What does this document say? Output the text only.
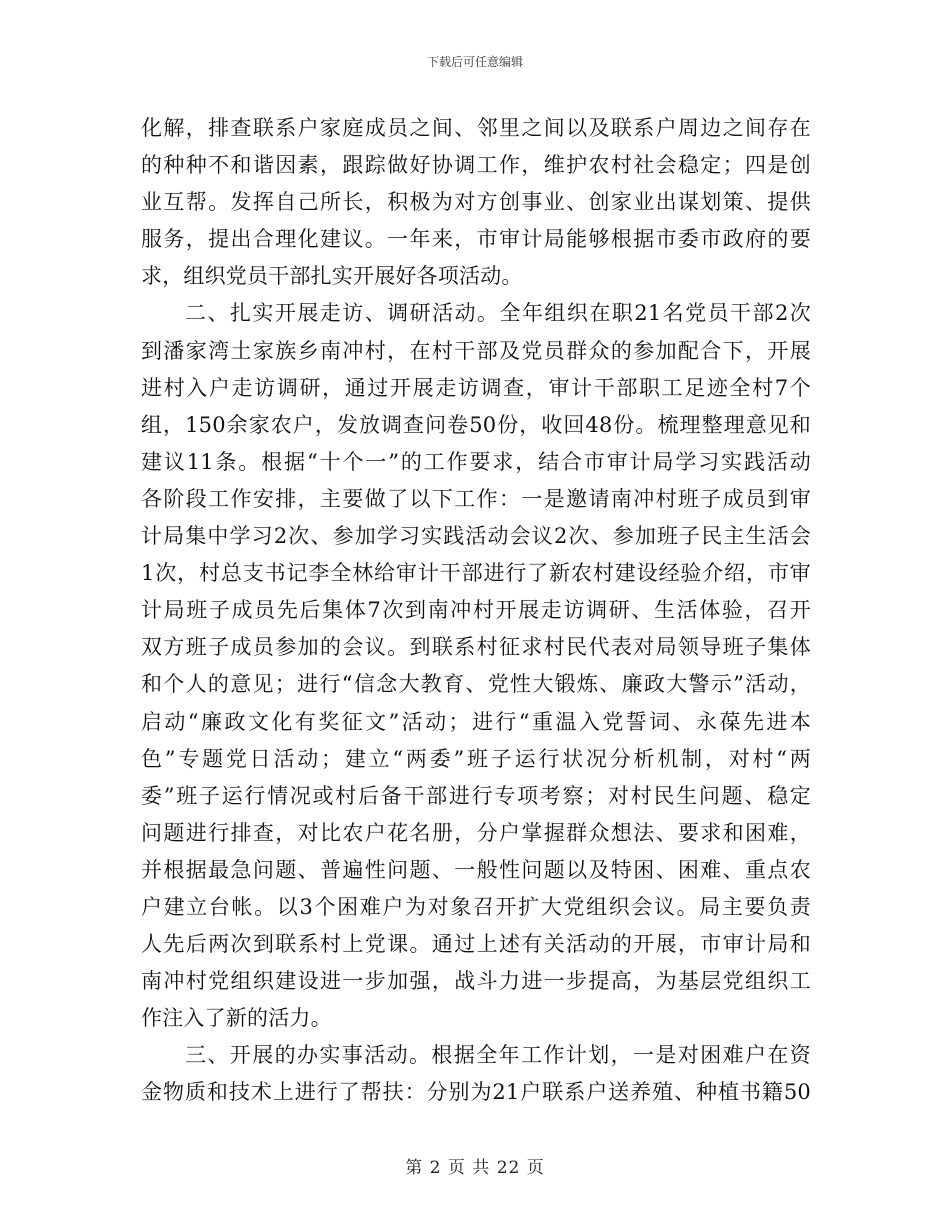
下载后可任意编辑
化解，排查联系户家庭成员之间、邻里之间以及联系户周边之间存在
的种种不和谐因素，跟踪做好协调工作，维护农村社会稳定；四是创
业互帮。发挥自己所长，积极为对方创事业、创家业出谋划策、提供
服务，提出合理化建议。一年来，市审计局能够根据市委市政府的要
求，组织党员干部扎实开展好各项活动。
二、扎实开展走访、调研活动。全年组织在职21名党员干部2次
到潘家湾土家族乡南冲村，在村干部及党员群众的参加配合下，开展
进村入户走访调研，通过开展走访调查，审计干部职工足迹全村7个
组，150余家农户，发放调查问卷50份，收回48份。梳理整理意见和
建议11条。根据“十个一”的工作要求，结合市审计局学习实践活动
各阶段工作安排，主要做了以下工作：一是邀请南冲村班子成员到审
计局集中学习2次、参加学习实践活动会议2次、参加班子民主生活会
1次，村总支书记李全林给审计干部进行了新农村建设经验介绍，市审
计局班子成员先后集体7次到南冲村开展走访调研、生活体验，召开
双方班子成员参加的会议。到联系村征求村民代表对局领导班子集体
和个人的意见；进行“信念大教育、党性大锻炼、廉政大警示”活动，
启动“廉政文化有奖征文”活动；进行“重温入党誓词、永葆先进本
色”专题党日活动；建立“两委”班子运行状况分析机制，对村“两
委”班子运行情况或村后备干部进行专项考察；对村民生问题、稳定
问题进行排查，对比农户花名册，分户掌握群众想法、要求和困难，
并根据最急问题、普遍性问题、一般性问题以及特困、困难、重点农
户建立台帐。以3个困难户为对象召开扩大党组织会议。局主要负责
人先后两次到联系村上党课。通过上述有关活动的开展，市审计局和
南冲村党组织建设进一步加强，战斗力进一步提高，为基层党组织工
作注入了新的活力。
三、开展的办实事活动。根据全年工作计划，一是对困难户在资
金物质和技术上进行了帮扶：分别为21户联系户送养殖、种植书籍50
第 2 页 共 22 页
